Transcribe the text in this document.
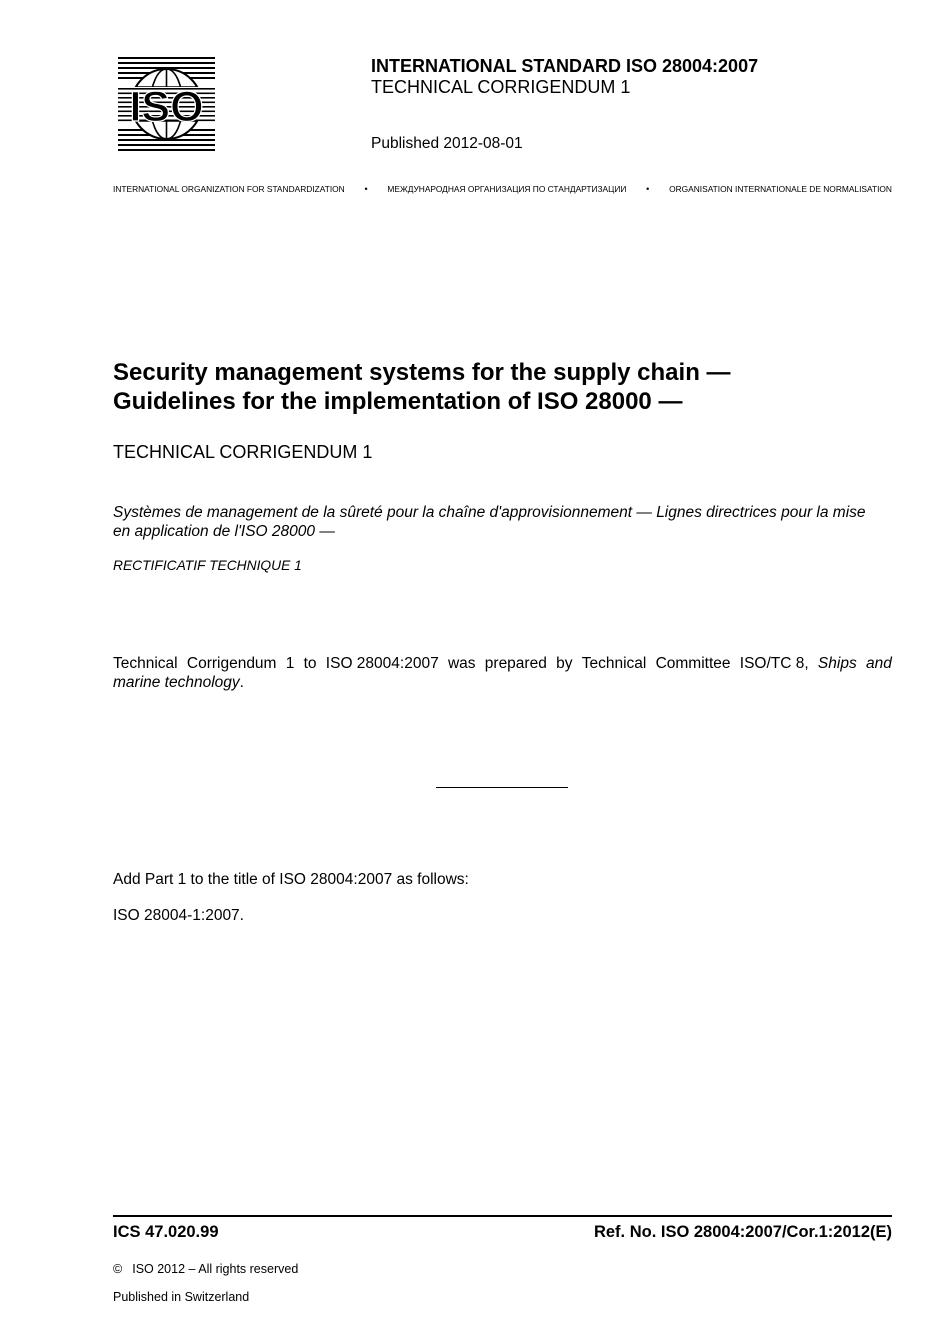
ISO
INTERNATIONAL STANDARD ISO 28004:2007
TECHNICAL CORRIGENDUM 1
Published 2012-08-01
INTERNATIONAL ORGANIZATION FOR STANDARDIZATION • МЕЖДУНАРОДНАЯ ОРГАНИЗАЦИЯ ПО СТАНДАРТИЗАЦИИ • ORGANISATION INTERNATIONALE DE NORMALISATION
Security management systems for the supply chain —
Guidelines for the implementation of ISO 28000 —
TECHNICAL CORRIGENDUM 1
Systèmes de management de la sûreté pour la chaîne d'approvisionnement — Lignes directrices pour la mise
en application de l'ISO 28000 —
RECTIFICATIF TECHNIQUE 1
Technical Corrigendum 1 to ISO 28004:2007 was prepared by Technical Committee ISO/TC 8, Ships and
marine technology.
Add Part 1 to the title of ISO 28004:2007 as follows:
ISO 28004-1:2007.
ICS 47.020.99	Ref. No. ISO 28004:2007/Cor.1:2012(E)
© ISO 2012 – All rights reserved
Published in Switzerland
